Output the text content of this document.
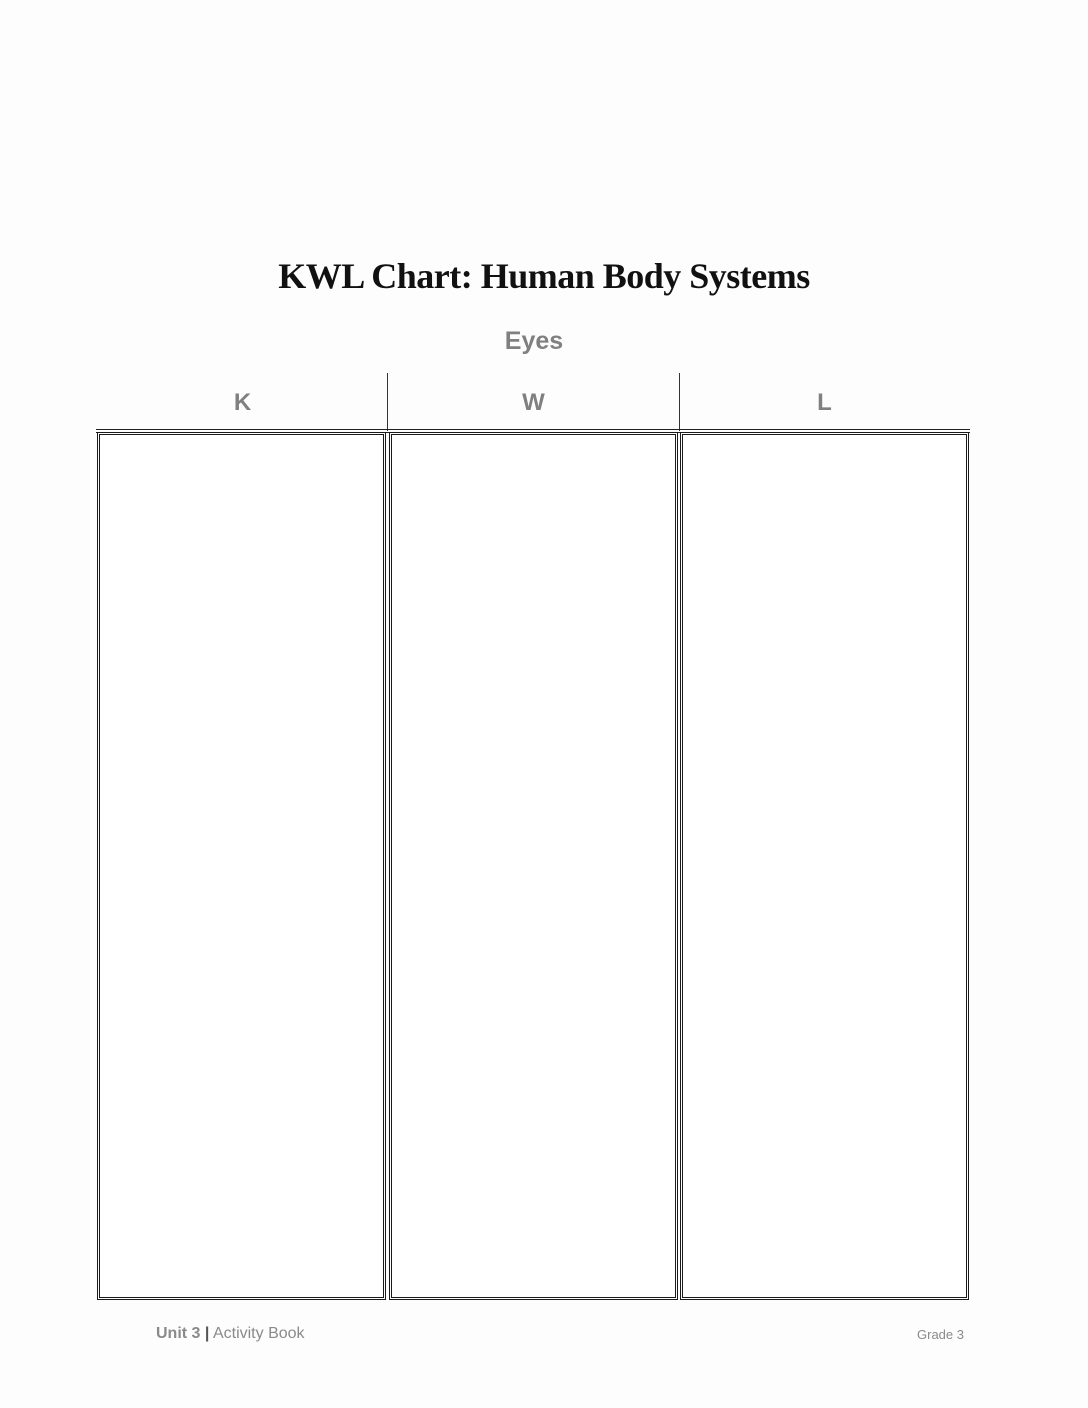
KWL Chart: Human Body Systems
Eyes
K	W	L
Unit 3 | Activity Book	Grade 3
